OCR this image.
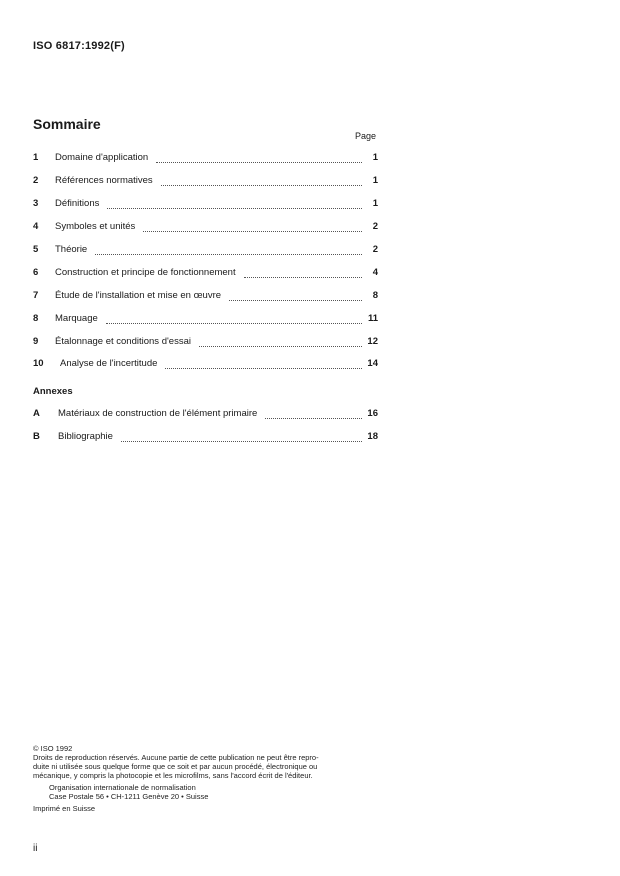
ISO 6817:1992(F)
Sommaire
Page
1	Domaine d'application	1
2	Références normatives	1
3	Définitions	1
4	Symboles et unités	2
5	Théorie	2
6	Construction et principe de fonctionnement	4
7	Étude de l'installation et mise en œuvre	8
8	Marquage	11
9	Étalonnage et conditions d'essai	12
10	Analyse de l'incertitude	14
Annexes
A	Matériaux de construction de l'élément primaire	16
B	Bibliographie	18
© ISO 1992
Droits de reproduction réservés. Aucune partie de cette publication ne peut être repro-
duite ni utilisée sous quelque forme que ce soit et par aucun procédé, électronique ou
mécanique, y compris la photocopie et les microfilms, sans l'accord écrit de l'éditeur.
Organisation internationale de normalisation
Case Postale 56 • CH-1211 Genève 20 • Suisse
Imprimé en Suisse
ii
